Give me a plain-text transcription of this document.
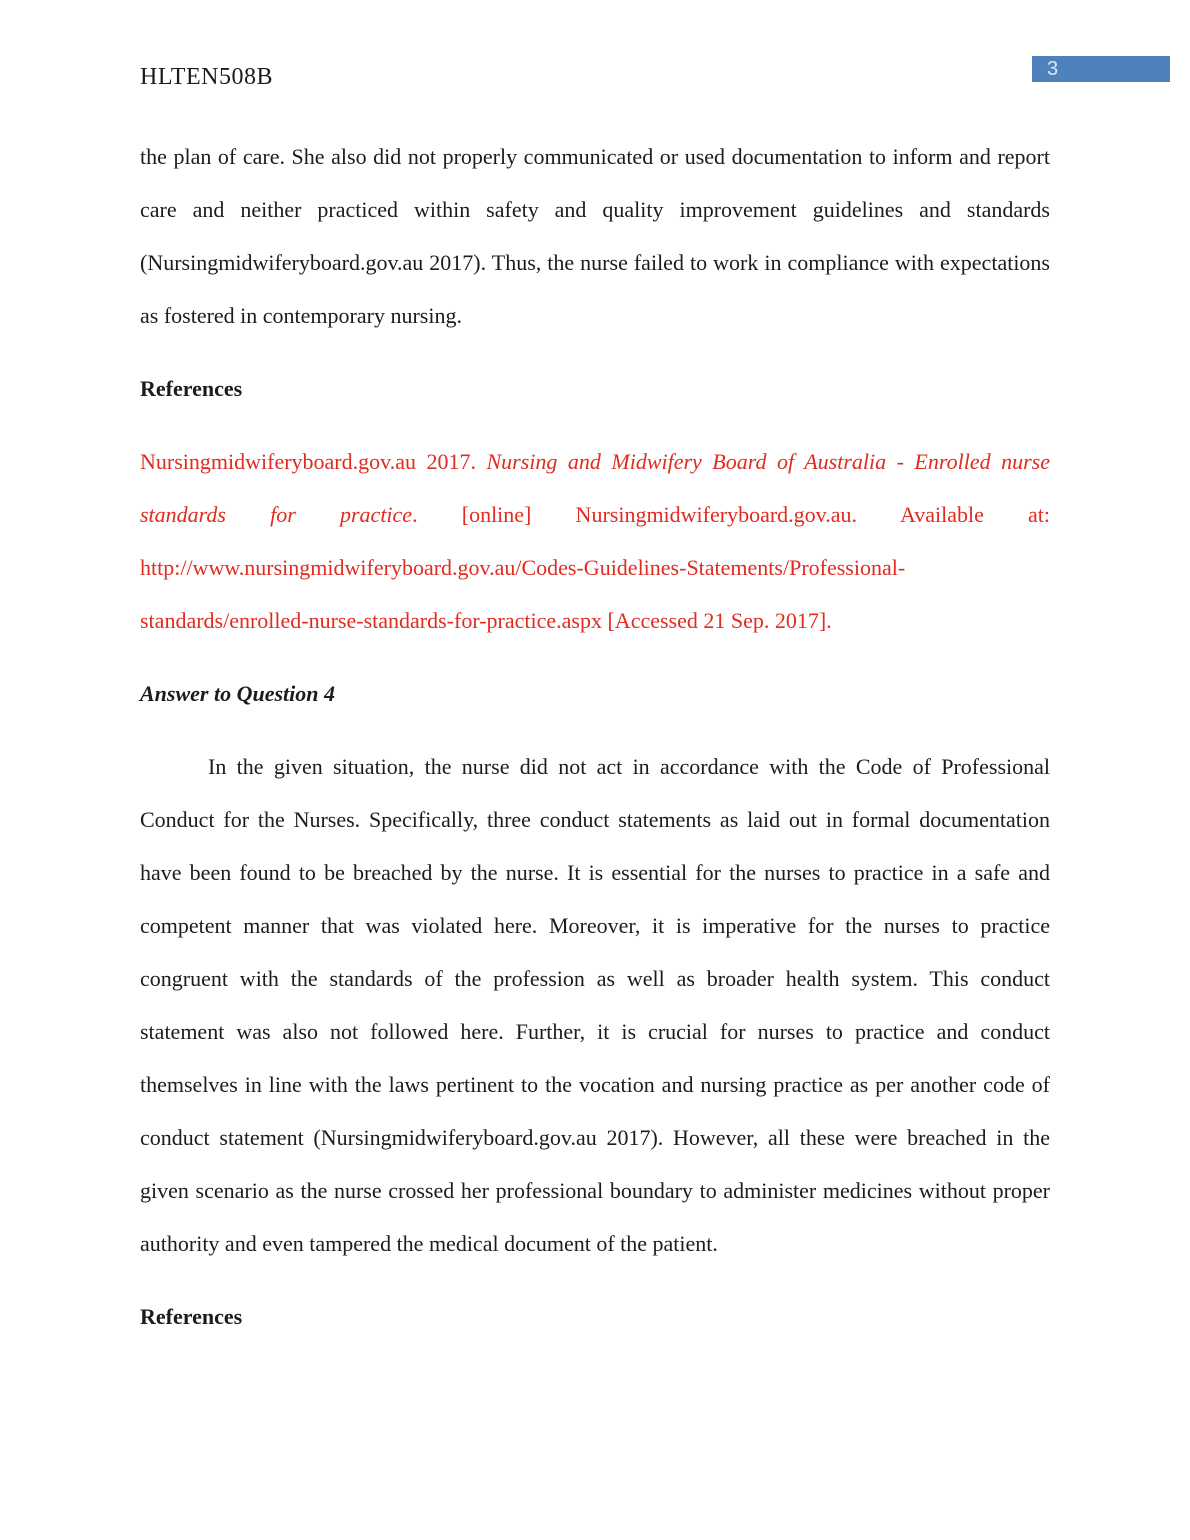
HLTEN508B	3

the plan of care. She also did not properly communicated or used documentation to inform and report care and neither practiced within safety and quality improvement guidelines and standards (Nursingmidwiferyboard.gov.au 2017). Thus, the nurse failed to work in compliance with expectations as fostered in contemporary nursing.

References

Nursingmidwiferyboard.gov.au 2017. Nursing and Midwifery Board of Australia - Enrolled nurse standards for practice. [online] Nursingmidwiferyboard.gov.au. Available at: http://www.nursingmidwiferyboard.gov.au/Codes-Guidelines-Statements/Professional-standards/enrolled-nurse-standards-for-practice.aspx [Accessed 21 Sep. 2017].

Answer to Question 4

In the given situation, the nurse did not act in accordance with the Code of Professional Conduct for the Nurses. Specifically, three conduct statements as laid out in formal documentation have been found to be breached by the nurse. It is essential for the nurses to practice in a safe and competent manner that was violated here. Moreover, it is imperative for the nurses to practice congruent with the standards of the profession as well as broader health system. This conduct statement was also not followed here. Further, it is crucial for nurses to practice and conduct themselves in line with the laws pertinent to the vocation and nursing practice as per another code of conduct statement (Nursingmidwiferyboard.gov.au 2017). However, all these were breached in the given scenario as the nurse crossed her professional boundary to administer medicines without proper authority and even tampered the medical document of the patient.

References
